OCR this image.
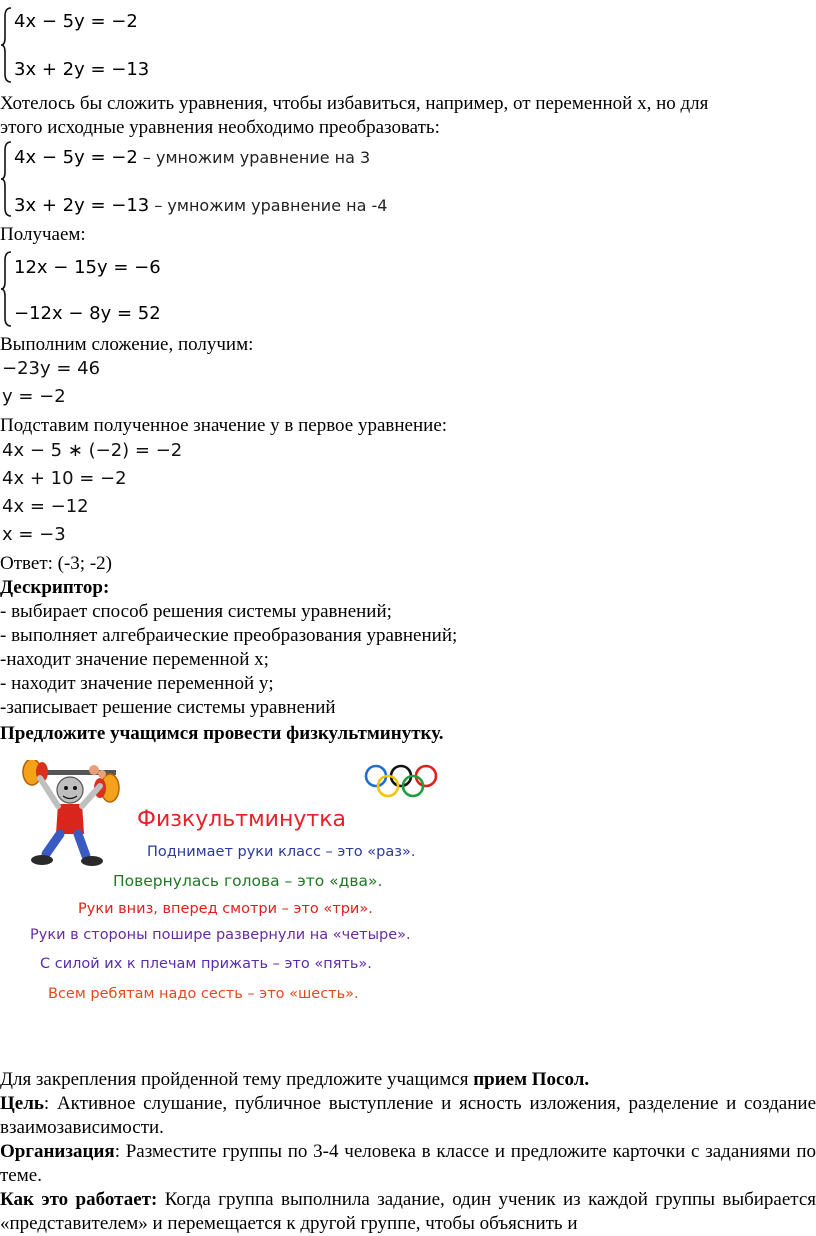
4x − 5y = −2
3x + 2y = −13
Хотелось бы сложить уравнения, чтобы избавиться, например, от переменной x, но для
этого исходные уравнения необходимо преобразовать:
4x − 5y = −2 – умножим уравнение на 3
3x + 2y = −13 – умножим уравнение на -4
Получаем:
12x − 15y = −6
−12x − 8y = 52
Выполним сложение, получим:
−23y = 46
y = −2
Подставим полученное значение y в первое уравнение:
4x − 5 ∗ (−2) = −2
4x + 10 = −2
4x = −12
x = −3
Ответ: (-3; -2)
Дескриптор:
- выбирает способ решения системы уравнений;
- выполняет алгебраические преобразования уравнений;
-находит значение переменной x;
- находит значение переменной y;
-записывает решение системы уравнений
Предложите учащимся провести физкультминутку.
Физкультминутка
Поднимает руки класс – это «раз».
Повернулась голова – это «два».
Руки вниз, вперед смотри – это «три».
Руки в стороны пошире развернули на «четыре».
С силой их к плечам прижать – это «пять».
Всем ребятам надо сесть – это «шесть».
Для закрепления пройденной тему предложите учащимся прием Посол.
Цель: Активное слушание, публичное выступление и ясность изложения, разделение и создание взаимозависимости.
Организация: Разместите группы по 3-4 человека в классе и предложите карточки с заданиями по теме.
Как это работает: Когда группа выполнила задание, один ученик из каждой группы выбирается «представителем» и перемещается к другой группе, чтобы объяснить и
